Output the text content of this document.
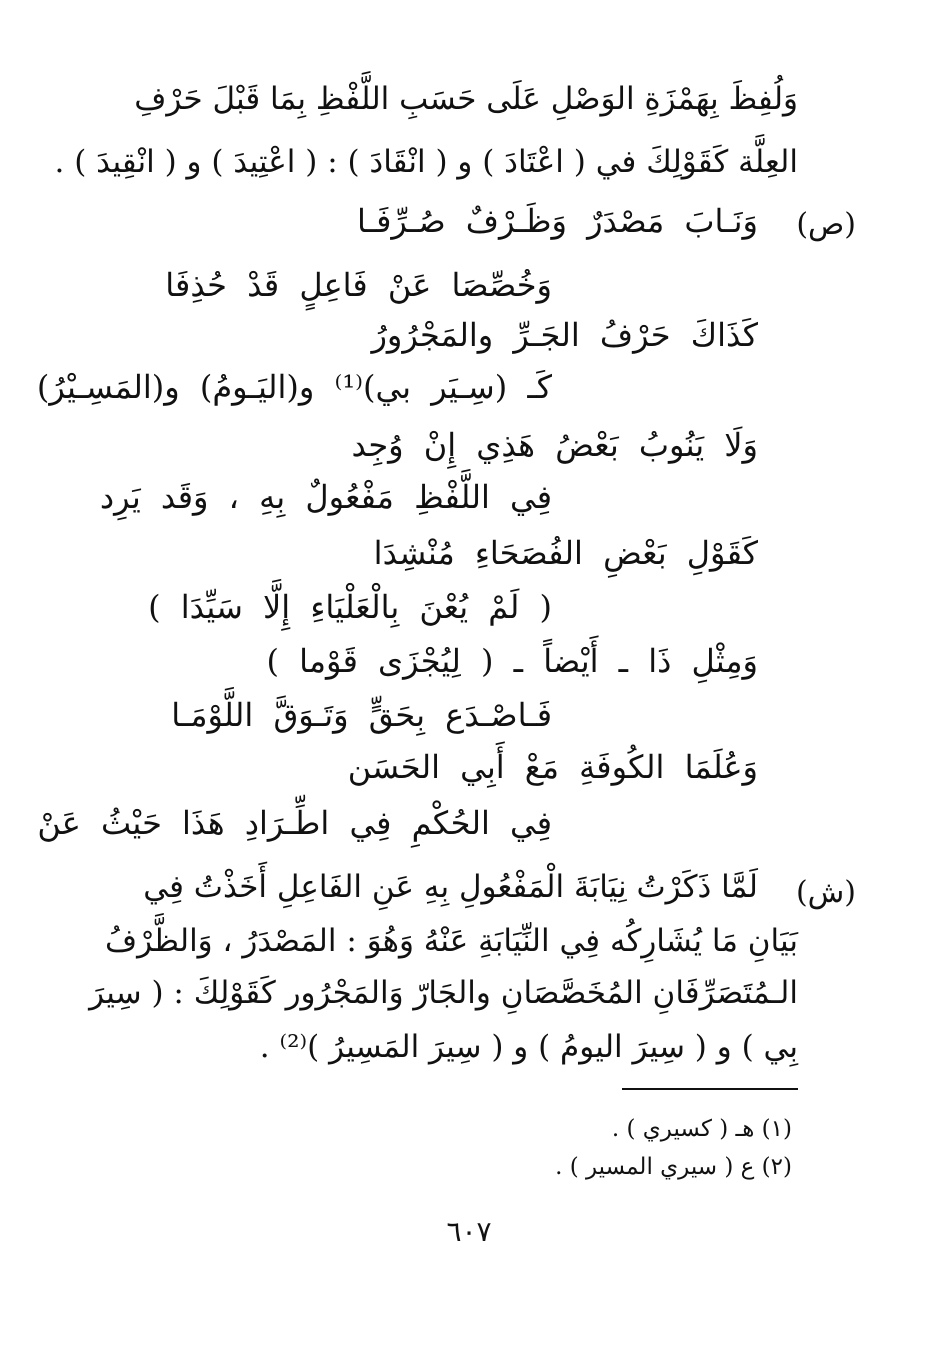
وَلُفِظَ بِهَمْزَةِ الوَصْلِ عَلَى حَسَبِ اللَّفْظِ بِمَا قَبْلَ حَرْفِ
العِلَّة كَقَوْلِكَ في ( اعْتَادَ ) و ( انْقَادَ ) : ( اعْتِيدَ ) و ( انْقِيدَ ) .
(ص)
وَنَـابَ مَصْدَرٌ وَظَـرْفٌ صُـرِّفَـا
وَخُصِّصَا عَنْ فَاعِلٍ قَدْ حُذِفَا
كَذَاكَ حَرْفُ الجَـرِّ والمَجْرُورُ
كَـ (سِـيَر بي)⁽¹⁾ و(اليَـومُ) و(المَسِـيْرُ)
وَلَا يَنُوبُ بَعْضُ هَذِي إِنْ وُجِد
فِي اللَّفْظِ مَفْعُولٌ بِهِ ، وَقَد يَرِد
كَقَوْلِ بَعْضِ الفُصَحَاءِ مُنْشِدَا
( لَمْ يُعْنَ بِالْعَلْيَاءِ إِلَّا سَيِّدَا )
وَمِثْلِ ذَا ـ أَيْضاً ـ ( لِيُجْزَى قَوْما )
فَـاصْـدَع بِحَقٍّ وَتَـوَقَّ اللَّوْمَـا
وَعُلَمَا الكُوفَةِ مَعْ أَبِي الحَسَن
فِي الحُكْمِ فِي اطِّـرَادِ هَذَا حَيْثُ عَنْ
(ش)
لَمَّا ذَكَرْتُ نِيَابَةَ الْمَفْعُولِ بِهِ عَنِ الفَاعِلِ أَخَذْتُ فِي
بَيَانِ مَا يُشَارِكُه فِي النِّيَابَةِ عَنْهُ وَهُوَ : المَصْدَرُ ، وَالظَّرْفُ
الـمُتَصَرِّفَانِ المُخَصَّصَانِ والجَارّ وَالمَجْرُور كَقَوْلِكَ : ( سِيرَ
بِي ) و ( سِيرَ اليومُ ) و ( سِيرَ المَسِيرُ )⁽²⁾ .
(١) هـ ( كسيري ) .
(٢) ع ( سيري المسير ) .
٦٠٧
